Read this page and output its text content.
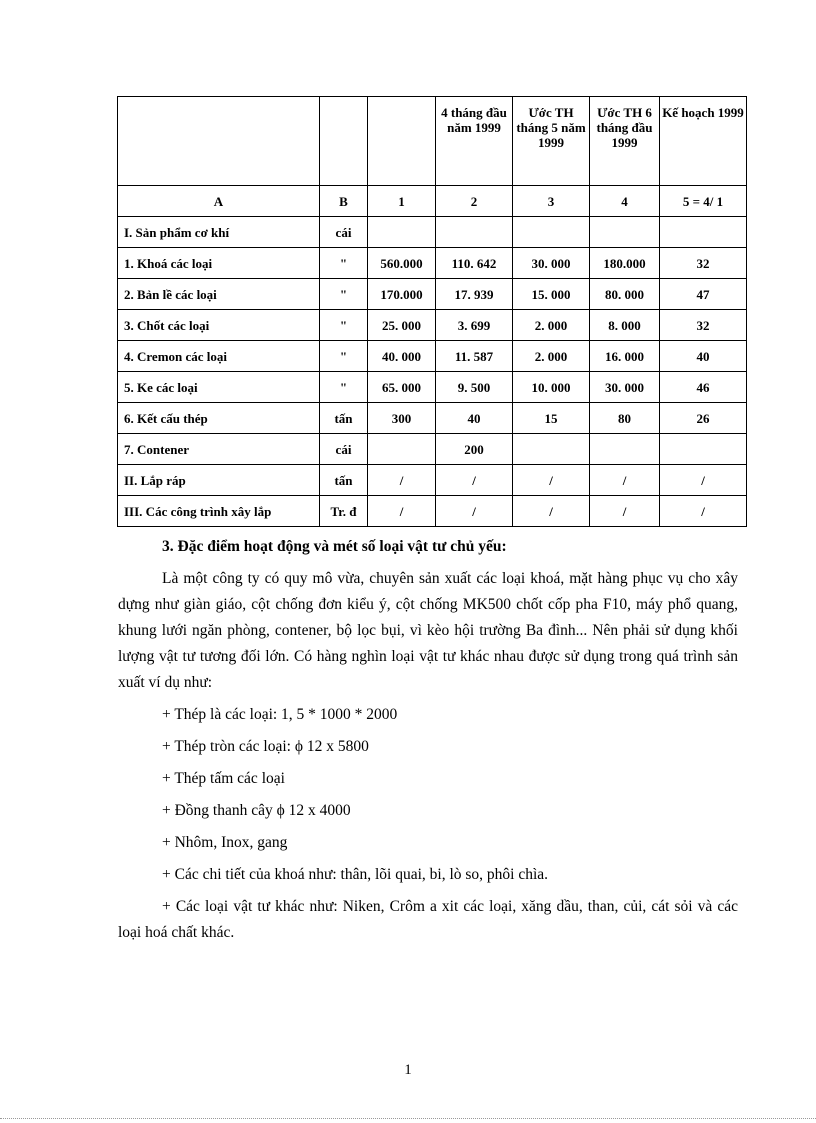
			4 tháng đầu năm 1999	Ước TH tháng 5 năm 1999	Ước TH 6 tháng đầu 1999	Kế hoạch 1999
A	B	1	2	3	4	5 = 4/ 1
I. Sản phẩm cơ khí	cái					
1. Khoá các loại	"	560.000	110. 642	30. 000	180.000	32
2. Bản lề các loại	"	170.000	17. 939	15. 000	80. 000	47
3. Chốt các loại	"	25. 000	3. 699	2. 000	8. 000	32
4. Cremon các loại	"	40. 000	11. 587	2. 000	16. 000	40
5. Ke các loại	"	65. 000	9. 500	10. 000	30. 000	46
6. Kết cấu thép	tấn	300	40	15	80	26
7. Contener	cái		200			
II. Lắp ráp	tấn	/	/	/	/	/
III. Các công trình xây lắp	Tr. đ	/	/	/	/	/

3. Đặc điểm hoạt động và mét số loại vật tư chủ yếu:

Là một công ty có quy mô vừa, chuyên sản xuất các loại khoá, mặt hàng phục vụ cho xây dựng như giàn giáo, cột chống đơn kiểu ý, cột chống MK500 chốt cốp pha F10, máy phổ quang, khung lưới ngăn phòng, contener, bộ lọc bụi, vì kèo hội trường Ba đình... Nên phải sử dụng khối lượng vật tư tương đối lớn. Có hàng nghìn loại vật tư khác nhau được sử dụng trong quá trình sản xuất ví dụ như:

+ Thép là các loại: 1, 5 * 1000 * 2000

+ Thép tròn các loại: ϕ 12 x 5800

+ Thép tấm các loại

+ Đồng thanh cây ϕ 12 x 4000

+ Nhôm, Inox, gang

+ Các chi tiết của khoá như: thân, lõi quai, bi, lò so, phôi chìa.

+ Các loại vật tư khác như: Niken, Crôm a xit các loại, xăng dầu, than, củi, cát sỏi và các loại hoá chất khác.

1
